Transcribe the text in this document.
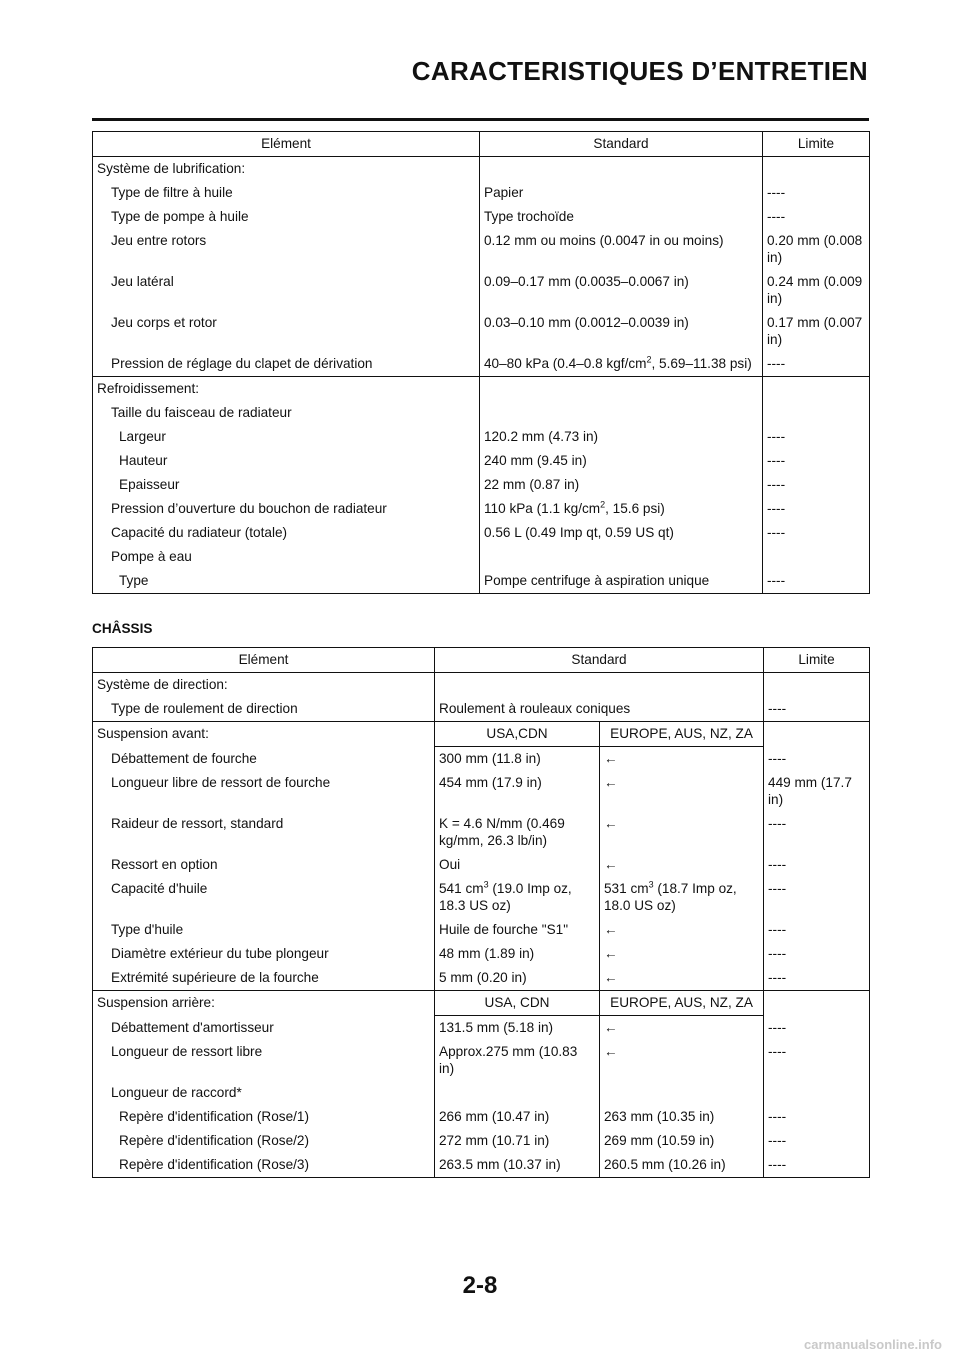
CARACTERISTIQUES D’ENTRETIEN
Elément	Standard	Limite
Système de lubrification:		
Type de filtre à huile	Papier	----
Type de pompe à huile	Type trochoïde	----
Jeu entre rotors	0.12 mm ou moins (0.0047 in ou moins)	0.20 mm (0.008 in)
Jeu latéral	0.09–0.17 mm (0.0035–0.0067 in)	0.24 mm (0.009 in)
Jeu corps et rotor	0.03–0.10 mm (0.0012–0.0039 in)	0.17 mm (0.007 in)
Pression de réglage du clapet de dérivation	40–80 kPa (0.4–0.8 kgf/$cm^2$, 5.69–11.38 psi)	----
Refroidissement:		
Taille du faisceau de radiateur		
Largeur	120.2 mm (4.73 in)	----
Hauteur	240 mm (9.45 in)	----
Epaisseur	22 mm (0.87 in)	----
Pression d’ouverture du bouchon de radiateur	110 kPa (1.1 $kg/cm^2$, 15.6 psi)	----
Capacité du radiateur (totale)	0.56 L (0.49 Imp qt, 0.59 US qt)	----
Pompe à eau		
Type	Pompe centrifuge à aspiration unique	----
CHÂSSIS
Elément	Standard		Limite
Système de direction:			
Type de roulement de direction	Roulement à rouleaux coniques		----
Suspension avant:	USA,CDN	EUROPE, AUS, NZ, ZA	
Débattement de fourche	300 mm (11.8 in)	←	----
Longueur libre de ressort de fourche	454 mm (17.9 in)	←	449 mm (17.7 in)
Raideur de ressort, standard	K = 4.6 N/mm (0.469 kg/mm, 26.3 lb/in)	←	----
Ressort en option	Oui	←	----
Capacité d'huile	541 $cm^3$ (19.0 Imp oz, 18.3 US oz)	531 $cm^3$ (18.7 Imp oz, 18.0 US oz)	----
Type d'huile	Huile de fourche "S1"	←	----
Diamètre extérieur du tube plongeur	48 mm (1.89 in)	←	----
Extrémité supérieure de la fourche	5 mm (0.20 in)	←	----
Suspension arrière:	USA, CDN	EUROPE, AUS, NZ, ZA	
Débattement d'amortisseur	131.5 mm (5.18 in)	←	----
Longueur de ressort libre	Approx.275 mm (10.83 in)	←	----
Longueur de raccord*			
Repère d'identification (Rose/1)	266 mm (10.47 in)	263 mm (10.35 in)	----
Repère d'identification (Rose/2)	272 mm (10.71 in)	269 mm (10.59 in)	----
Repère d'identification (Rose/3)	263.5 mm (10.37 in)	260.5 mm (10.26 in)	----
2-8
carmanualsonline.info
